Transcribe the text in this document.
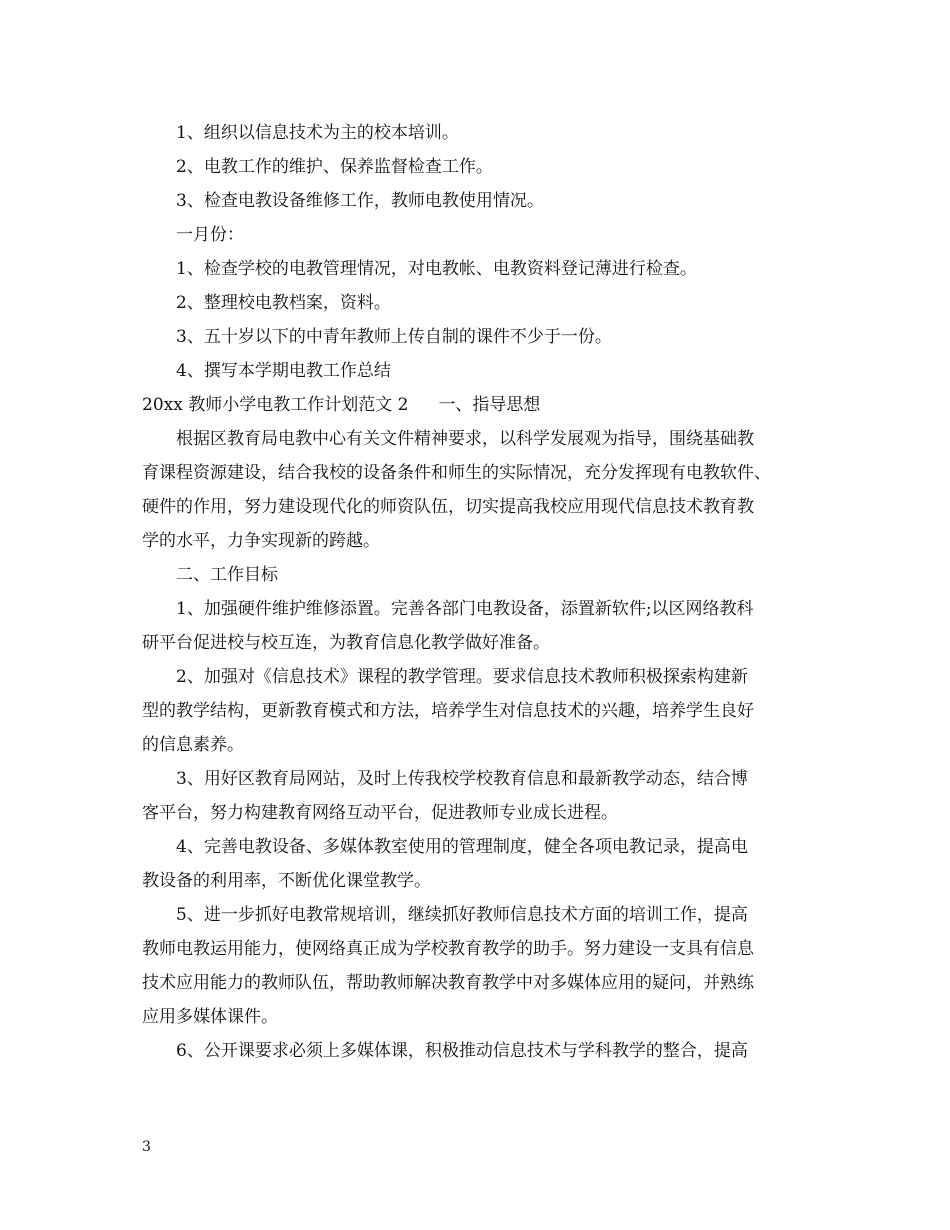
1、组织以信息技术为主的校本培训。
2、电教工作的维护、保养监督检查工作。
3、检查电教设备维修工作，教师电教使用情况。
一月份：
1、检查学校的电教管理情况，对电教帐、电教资料登记薄进行检查。
2、整理校电教档案，资料。
3、五十岁以下的中青年教师上传自制的课件不少于一份。
4、撰写本学期电教工作总结
20xx 教师小学电教工作计划范文 2 一、指导思想
根据区教育局电教中心有关文件精神要求，以科学发展观为指导，围绕基础教
育课程资源建设，结合我校的设备条件和师生的实际情况，充分发挥现有电教软件、
硬件的作用，努力建设现代化的师资队伍，切实提高我校应用现代信息技术教育教
学的水平，力争实现新的跨越。
二、工作目标
1、加强硬件维护维修添置。完善各部门电教设备，添置新软件;以区网络教科
研平台促进校与校互连，为教育信息化教学做好准备。
2、加强对《信息技术》课程的教学管理。要求信息技术教师积极探索构建新
型的教学结构，更新教育模式和方法，培养学生对信息技术的兴趣，培养学生良好
的信息素养。
3、用好区教育局网站，及时上传我校学校教育信息和最新教学动态，结合博
客平台，努力构建教育网络互动平台，促进教师专业成长进程。
4、完善电教设备、多媒体教室使用的管理制度，健全各项电教记录，提高电
教设备的利用率，不断优化课堂教学。
5、进一步抓好电教常规培训，继续抓好教师信息技术方面的培训工作，提高
教师电教运用能力，使网络真正成为学校教育教学的助手。努力建设一支具有信息
技术应用能力的教师队伍，帮助教师解决教育教学中对多媒体应用的疑问，并熟练
应用多媒体课件。
6、公开课要求必须上多媒体课，积极推动信息技术与学科教学的整合，提高
3
